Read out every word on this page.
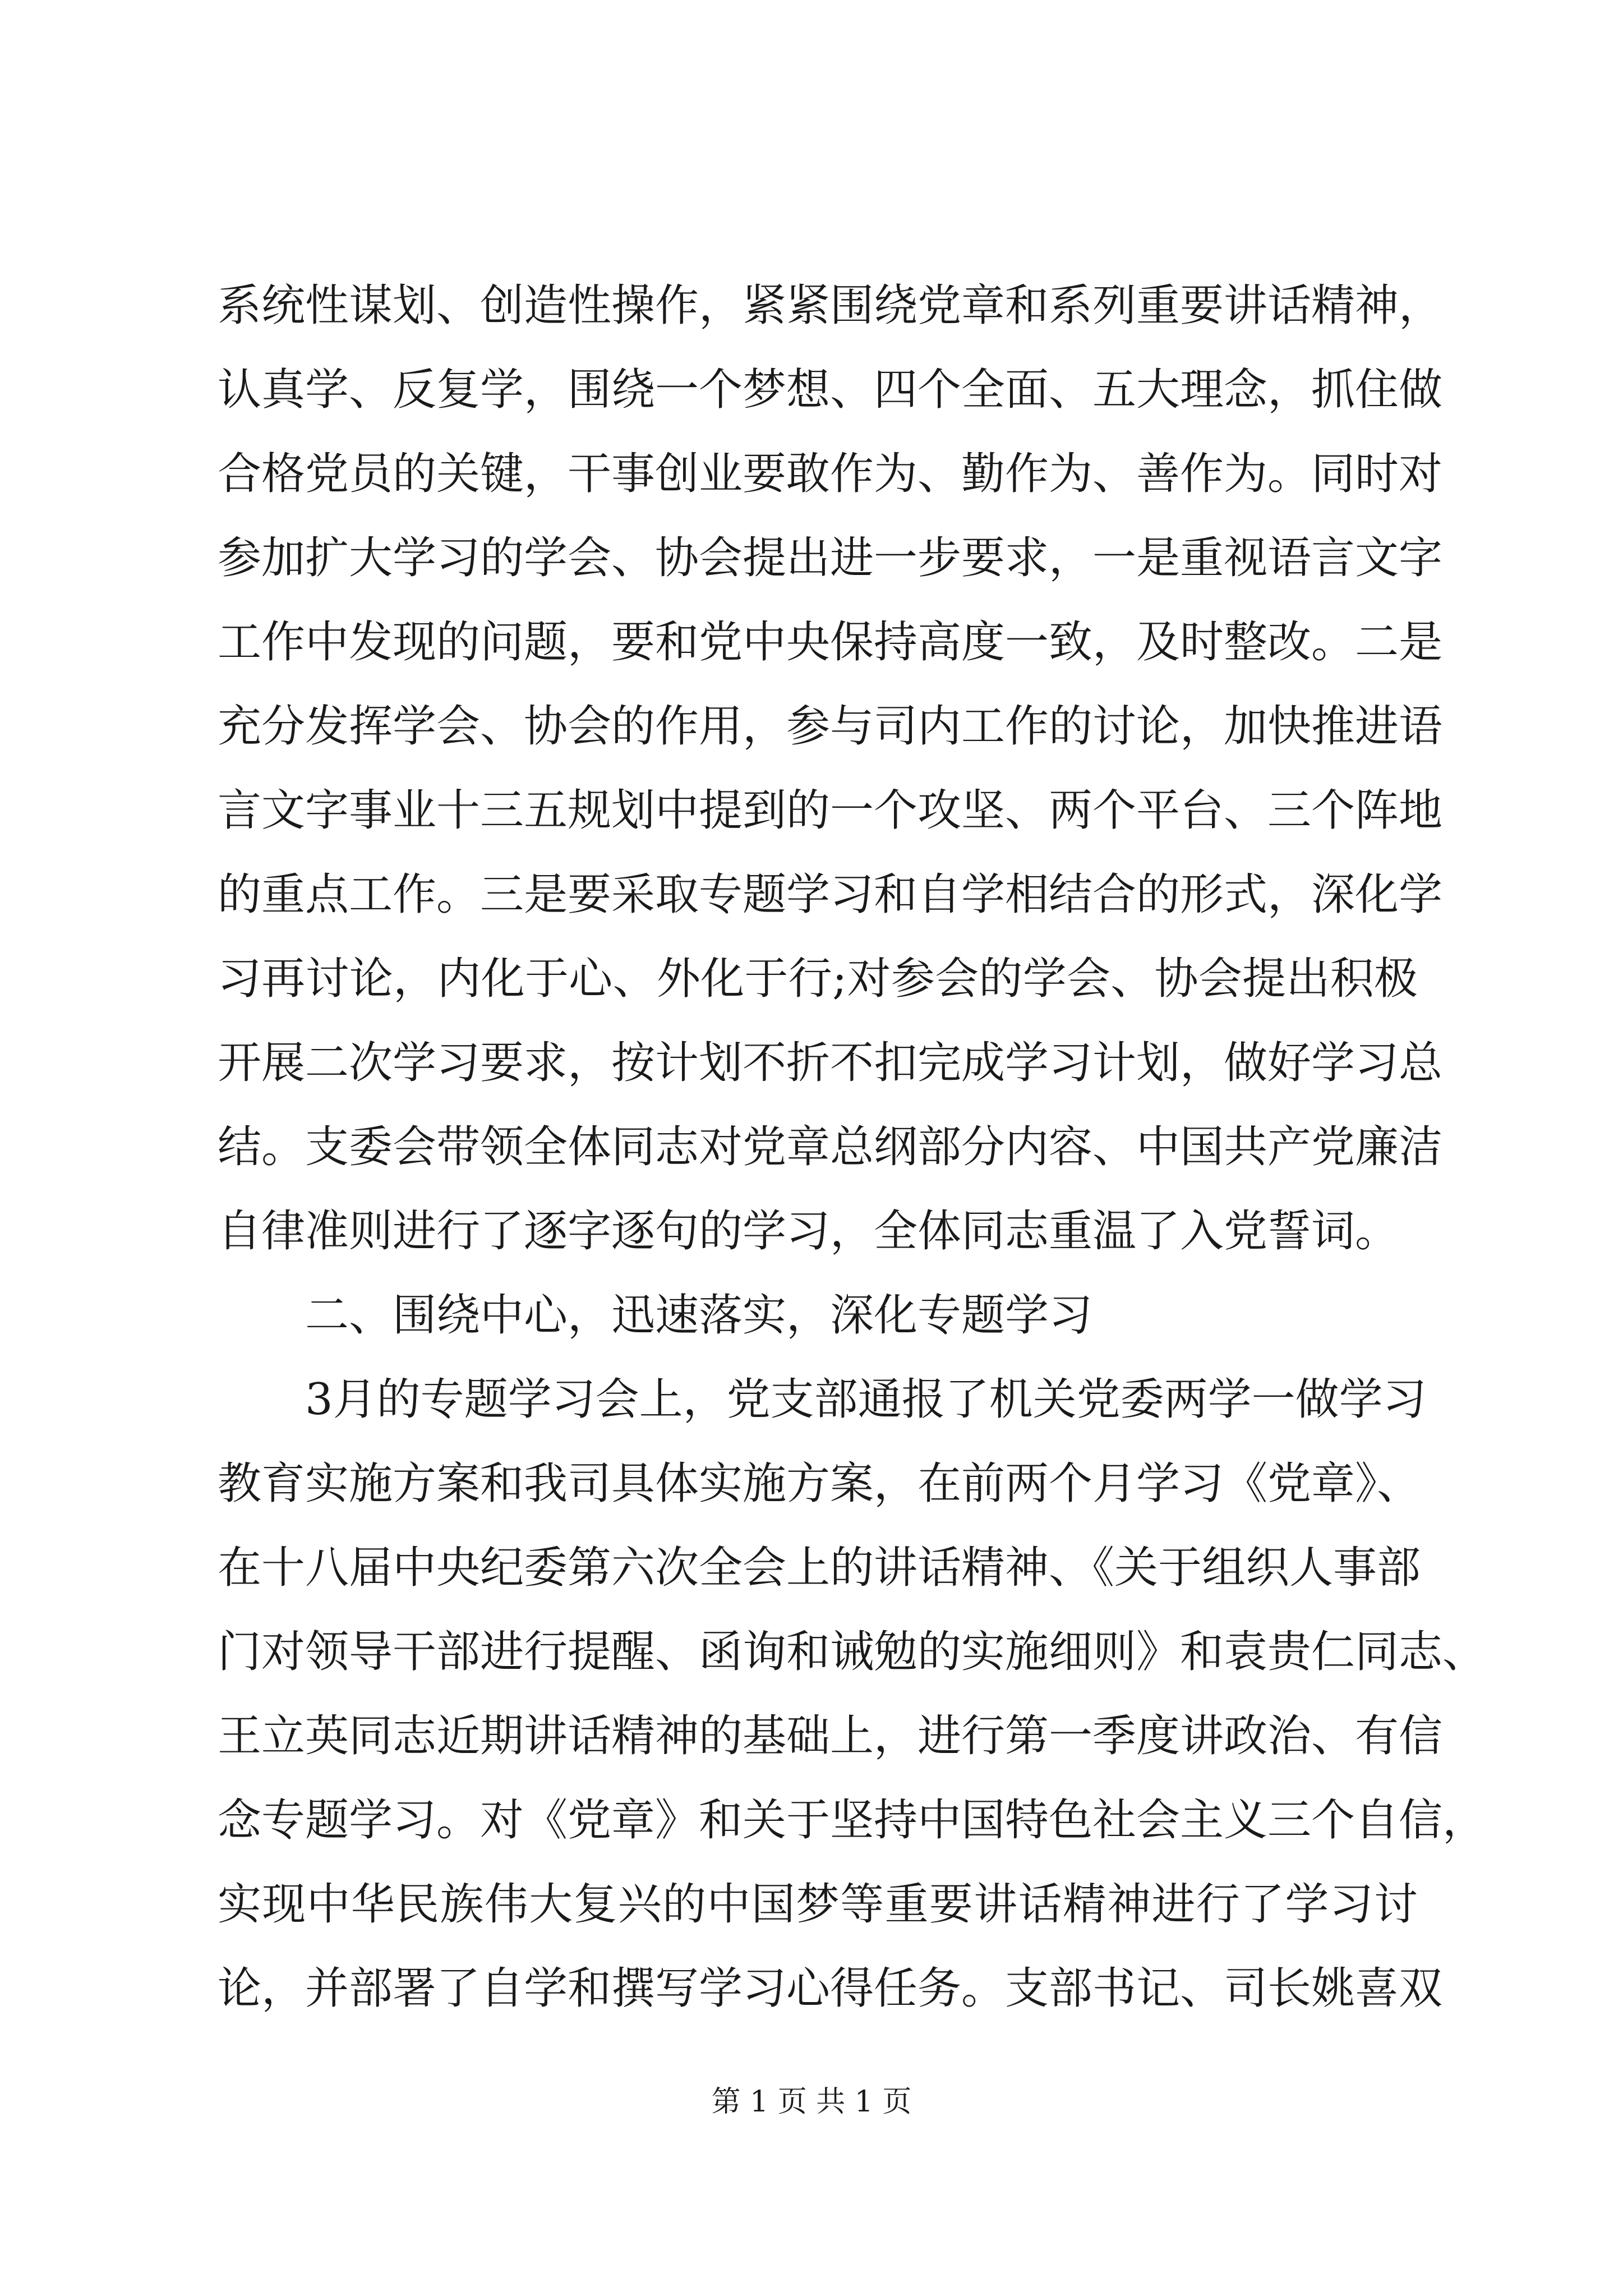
系统性谋划、创造性操作，紧紧围绕党章和系列重要讲话精神，
认真学、反复学，围绕一个梦想、四个全面、五大理念，抓住做
合格党员的关键，干事创业要敢作为、勤作为、善作为。同时对
参加扩大学习的学会、协会提出进一步要求，一是重视语言文字
工作中发现的问题，要和党中央保持高度一致，及时整改。二是
充分发挥学会、协会的作用，参与司内工作的讨论，加快推进语
言文字事业十三五规划中提到的一个攻坚、两个平台、三个阵地
的重点工作。三是要采取专题学习和自学相结合的形式，深化学
习再讨论，内化于心、外化于行;对参会的学会、协会提出积极
开展二次学习要求，按计划不折不扣完成学习计划，做好学习总
结。支委会带领全体同志对党章总纲部分内容、中国共产党廉洁
自律准则进行了逐字逐句的学习，全体同志重温了入党誓词。
二、围绕中心，迅速落实，深化专题学习
3月的专题学习会上，党支部通报了机关党委两学一做学习
教育实施方案和我司具体实施方案，在前两个月学习《党章》、
在十八届中央纪委第六次全会上的讲话精神、《关于组织人事部
门对领导干部进行提醒、函询和诫勉的实施细则》和袁贵仁同志、
王立英同志近期讲话精神的基础上，进行第一季度讲政治、有信
念专题学习。对《党章》和关于坚持中国特色社会主义三个自信，
实现中华民族伟大复兴的中国梦等重要讲话精神进行了学习讨
论，并部署了自学和撰写学习心得任务。支部书记、司长姚喜双
第 1 页 共 1 页
